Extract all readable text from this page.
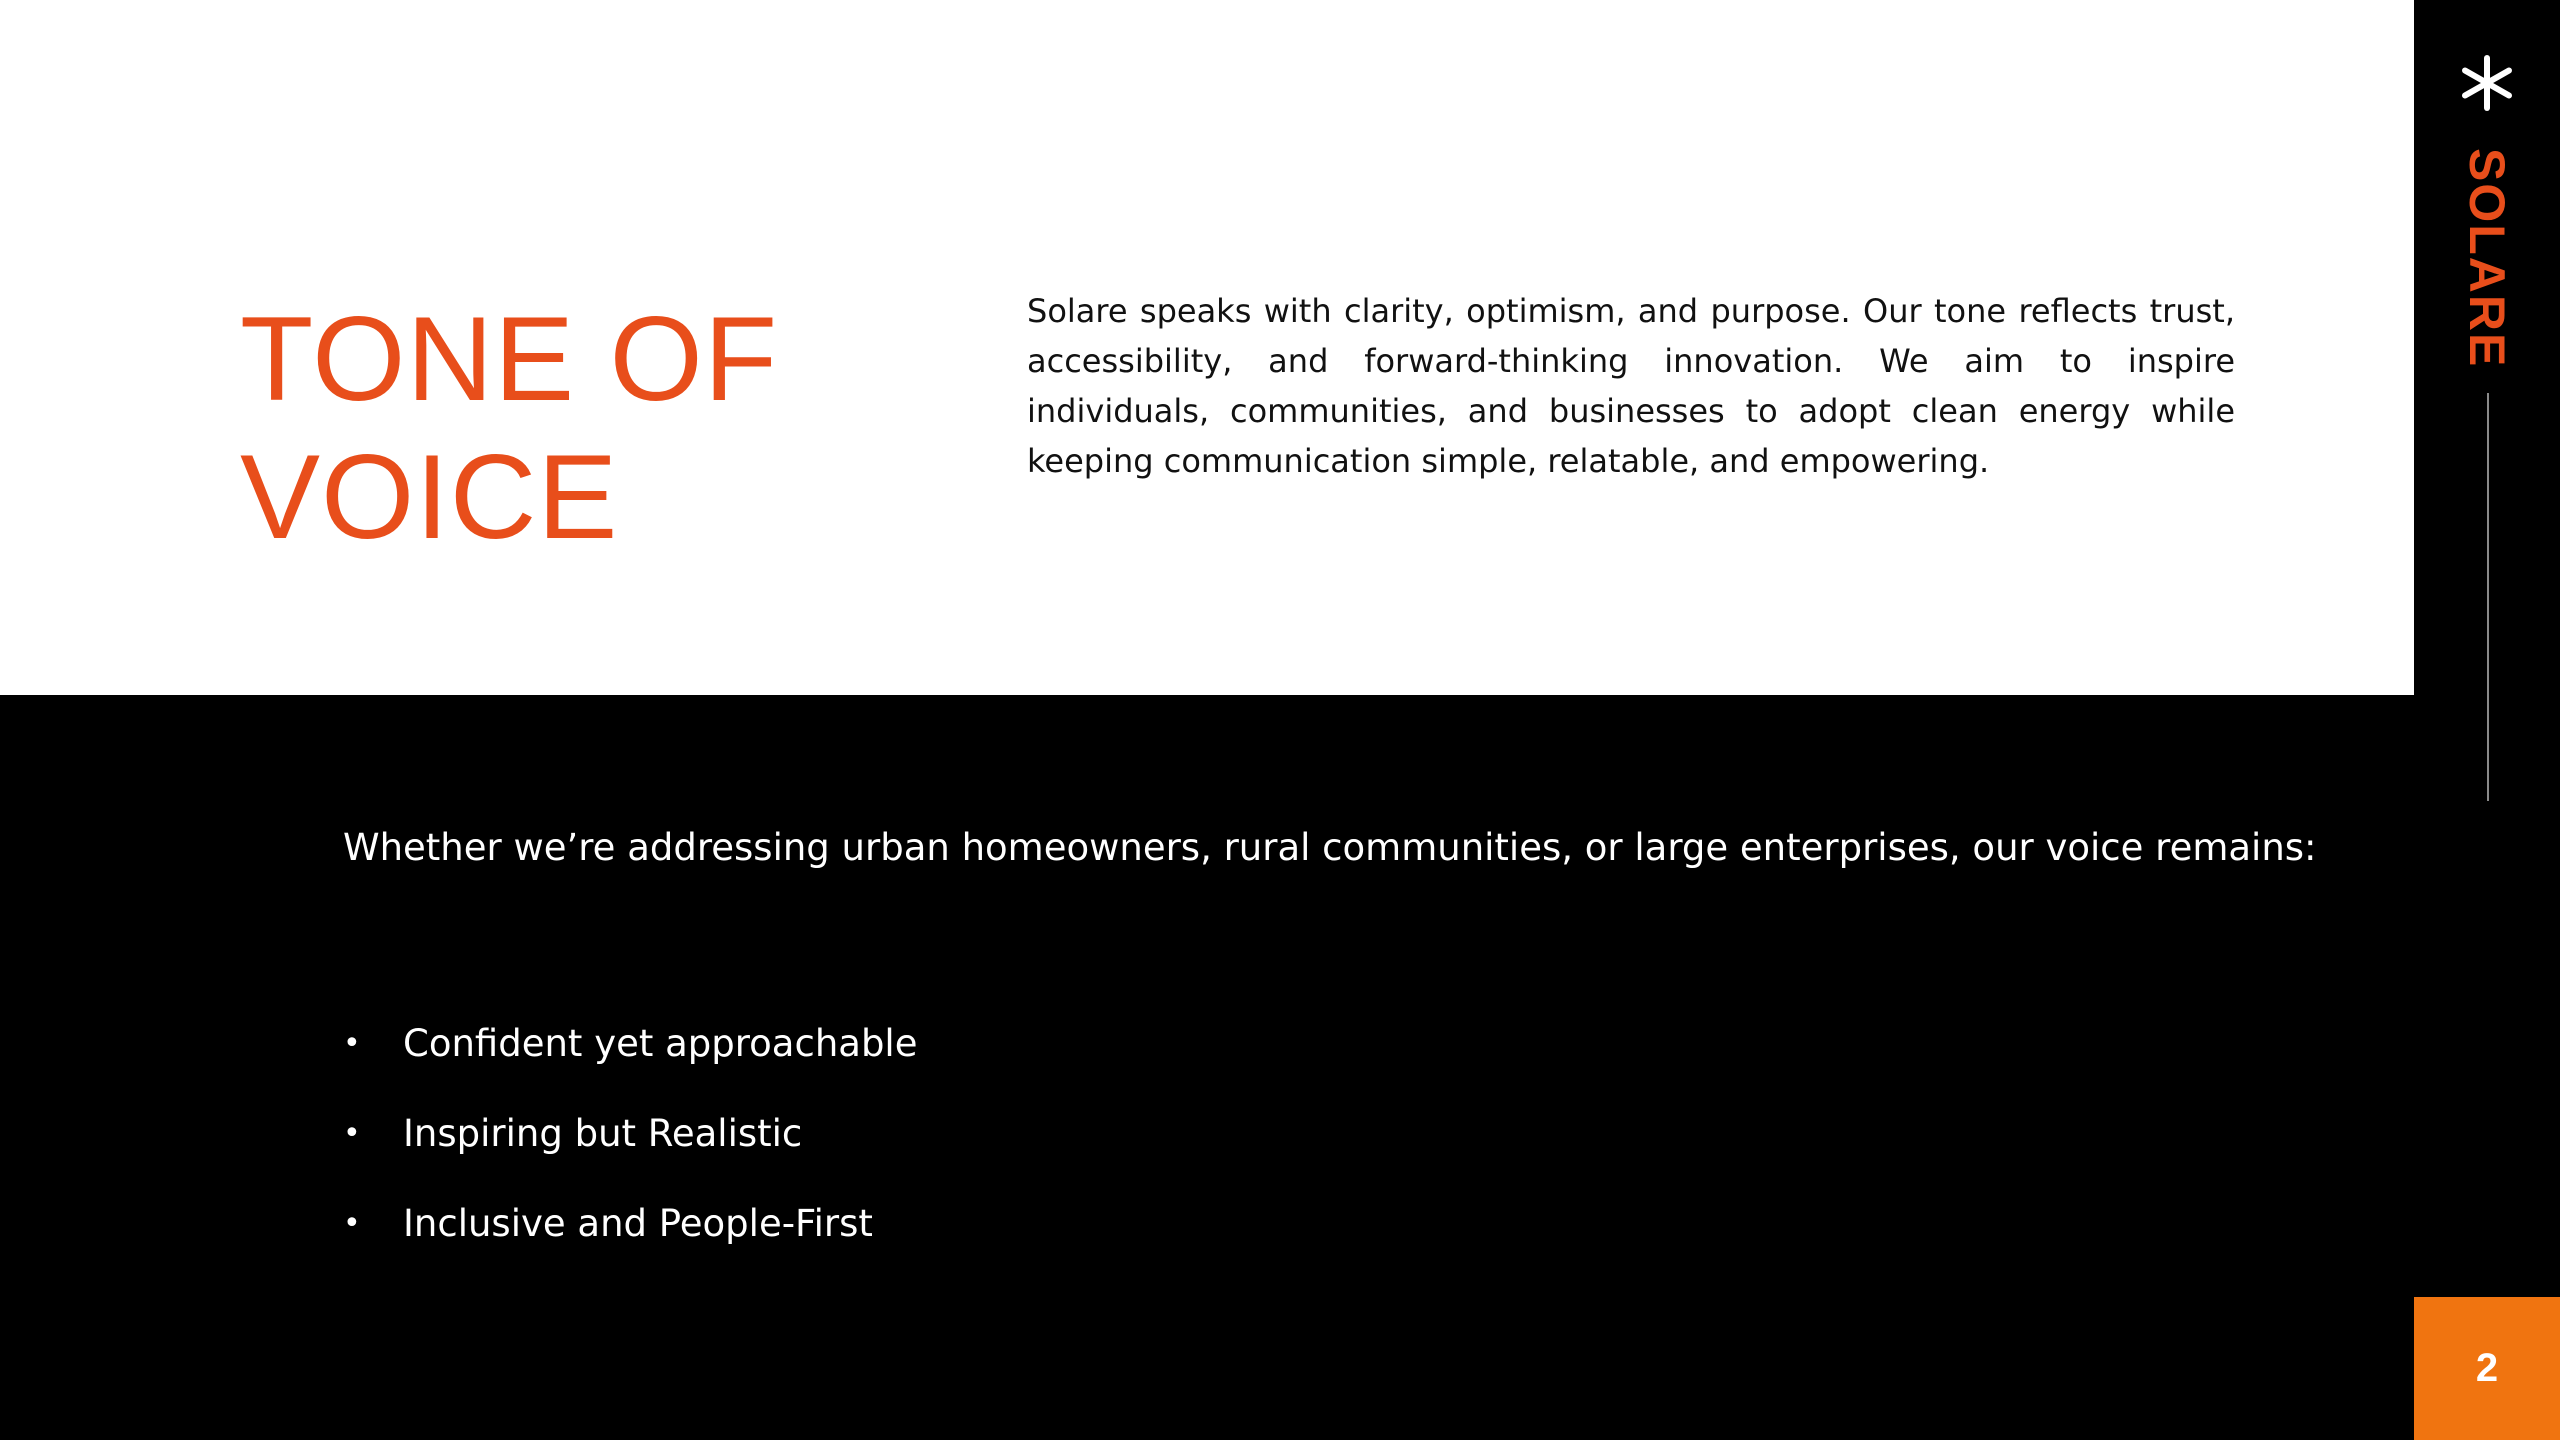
TONE OF
VOICE

Solare speaks with clarity, optimism, and purpose. Our tone reflects trust, accessibility, and forward-thinking innovation. We aim to inspire individuals, communities, and businesses to adopt clean energy while keeping communication simple, relatable, and empowering.

Whether we’re addressing urban homeowners, rural communities, or large enterprises, our voice remains:

•	Confident yet approachable
•	Inspiring but Realistic
•	Inclusive and People-First
SOLARE
2
